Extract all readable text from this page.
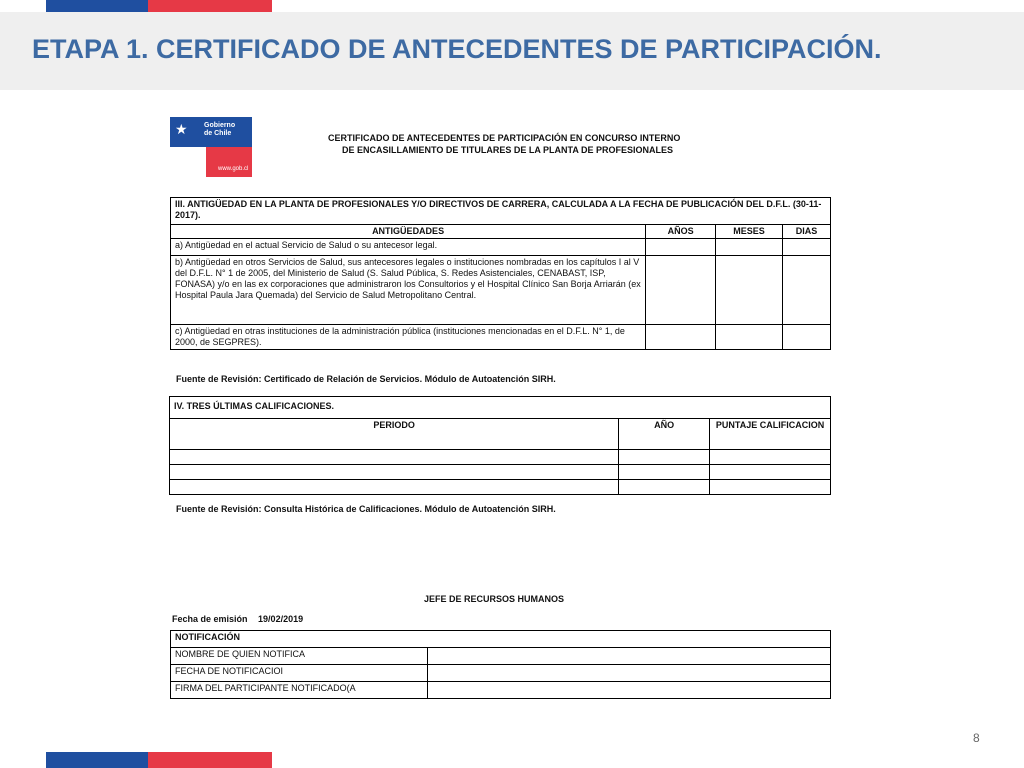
ETAPA 1. CERTIFICADO DE ANTECEDENTES DE PARTICIPACIÓN.
★ Gobierno
de Chile
www.gob.cl
CERTIFICADO DE ANTECEDENTES DE PARTICIPACIÓN EN CONCURSO INTERNO
DE ENCASILLAMIENTO DE TITULARES DE LA PLANTA DE PROFESIONALES
III. ANTIGÜEDAD EN LA PLANTA DE PROFESIONALES Y/O DIRECTIVOS DE CARRERA, CALCULADA A LA FECHA DE PUBLICACIÓN DEL D.F.L. (30-11-2017).			
ANTIGÜEDADES	AÑOS	MESES	DIAS
a) Antigüedad en el actual Servicio de Salud o su antecesor legal.			
b) Antigüedad en otros Servicios de Salud, sus antecesores legales o instituciones nombradas en los capítulos I al V del D.F.L. N° 1 de 2005, del Ministerio de Salud (S. Salud Pública, S. Redes Asistenciales, CENABAST, ISP, FONASA) y/o en las ex corporaciones que administraron los Consultorios y el Hospital Clínico San Borja Arriarán (ex Hospital Paula Jara Quemada) del Servicio de Salud Metropolitano Central.			
c) Antigüedad en otras instituciones de la administración pública (instituciones mencionadas en el D.F.L. N° 1, de 2000, de SEGPRES).			
Fuente de Revisión: Certificado de Relación de Servicios. Módulo de Autoatención SIRH.
IV. TRES ÚLTIMAS CALIFICACIONES.		
PERIODO	AÑO	PUNTAJE CALIFICACION

Fuente de Revisión: Consulta Histórica de Calificaciones. Módulo de Autoatención SIRH.
JEFE DE RECURSOS HUMANOS
Fecha de emisión 19/02/2019
NOTIFICACIÓN	
NOMBRE DE QUIEN NOTIFICA	
FECHA DE NOTIFICACIOI	
FIRMA DEL PARTICIPANTE NOTIFICADO(A	
8
